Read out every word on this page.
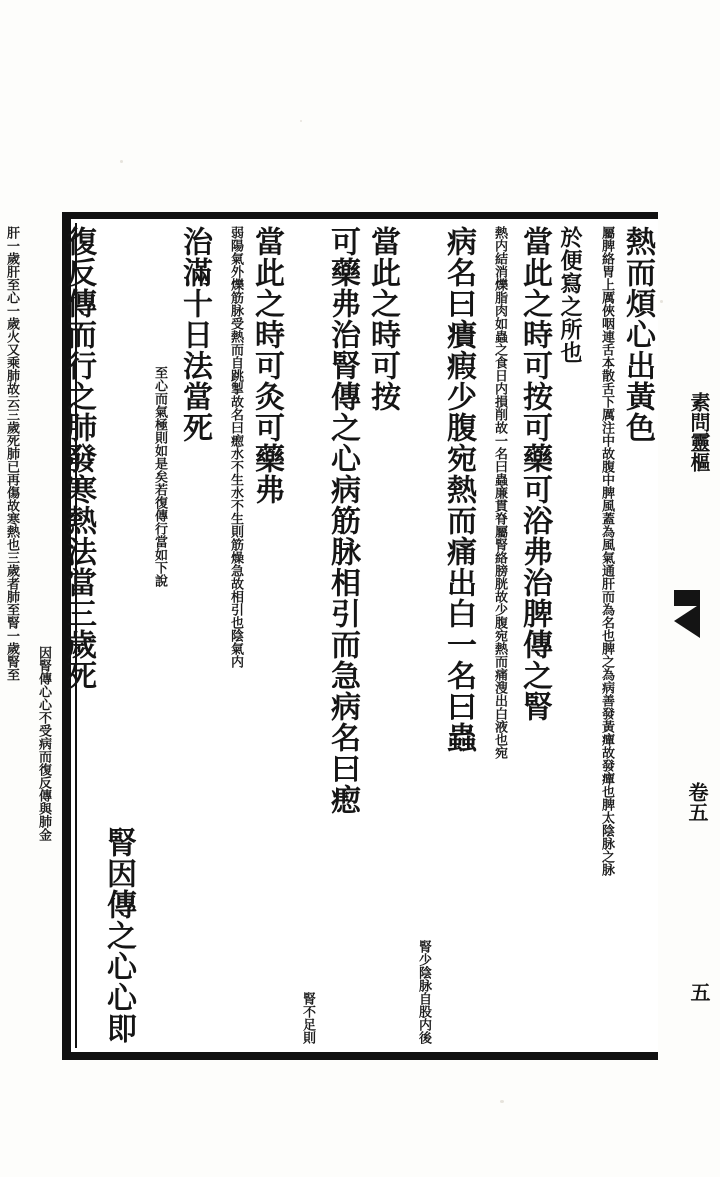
素問靈樞
卷五
五
熱而煩心出黃色
屬脾絡胃上厲俠咽連舌本散舌下厲注中故腹中
脾風蓋為風氣通肝而為名也脾之為病善發黃癉故發癉也脾太陰脉之脉
於便寫之所也
當此之時可按可藥可浴弗治脾傳之腎
熱内結消爍脂肉如蟲之食日内損削故一名曰蟲
廉貫脊屬腎絡膀胱故少腹宛熱而痛溲出白液也宛
病名曰㿉瘕少腹宛熱而痛出白一名曰蟲
腎少陰脉自股内後
當此之時可按
可藥弗治腎傳之心病筋脉相引而急病名曰瘛
腎不足則
當此之時可灸可藥弗
弱陽氣外爍筋脉受熱而自跳掣故名曰瘛
水不生水不生則筋燥急故相引也陰氣内
治滿十日法當死
至心而氣極則如是矣若復傳行當如下說
腎因傳之心心即
復反傳而行之肺發寒熱法當三歲死
因腎傳心心不受病而復反傳與肺金
肝一歲肝至心一歲火又乘肺故云三歲死
肺已再傷故寒熱也三歲者肺至腎一歲腎至
